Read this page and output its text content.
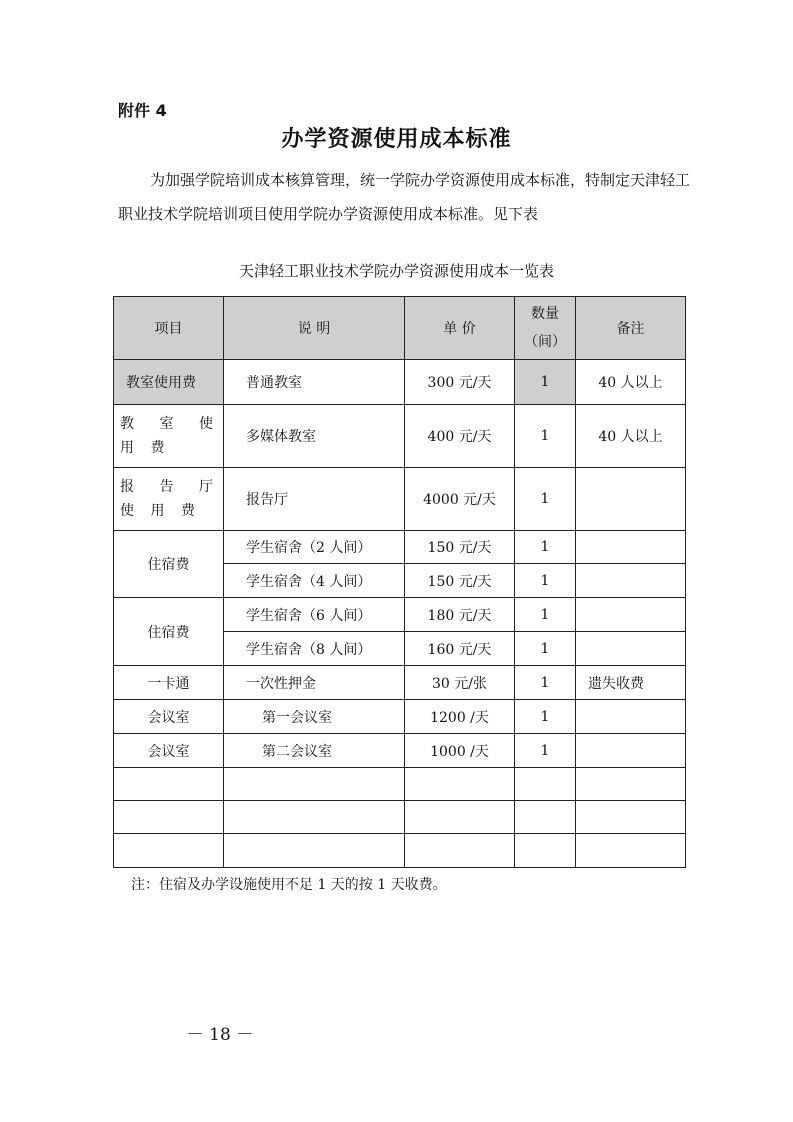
附件 4
办学资源使用成本标准
为加强学院培训成本核算管理，统一学院办学资源使用成本标准，特制定天津轻工职业技术学院培训项目使用学院办学资源使用成本标准。见下表
天津轻工职业技术学院办学资源使用成本一览表
项目	说 明	单 价	数量（间）	备注
教室使用费	普通教室	300 元/天	1	40 人以上
教 室 使 用 费	多媒体教室	400 元/天	1	40 人以上
报 告 厅 使 用 费	报告厅	4000 元/天	1	
住宿费	学生宿舍（2 人间）	150 元/天	1	
	学生宿舍（4 人间）	150 元/天	1	
住宿费	学生宿舍（6 人间）	180 元/天	1	
	学生宿舍（8 人间）	160 元/天	1	
一卡通	一次性押金	30 元/张	1	遗失收费
会议室	第一会议室	1200 /天	1	
会议室	第二会议室	1000 /天	1	

注：住宿及办学设施使用不足 1 天的按 1 天收费。
－ 18 －
